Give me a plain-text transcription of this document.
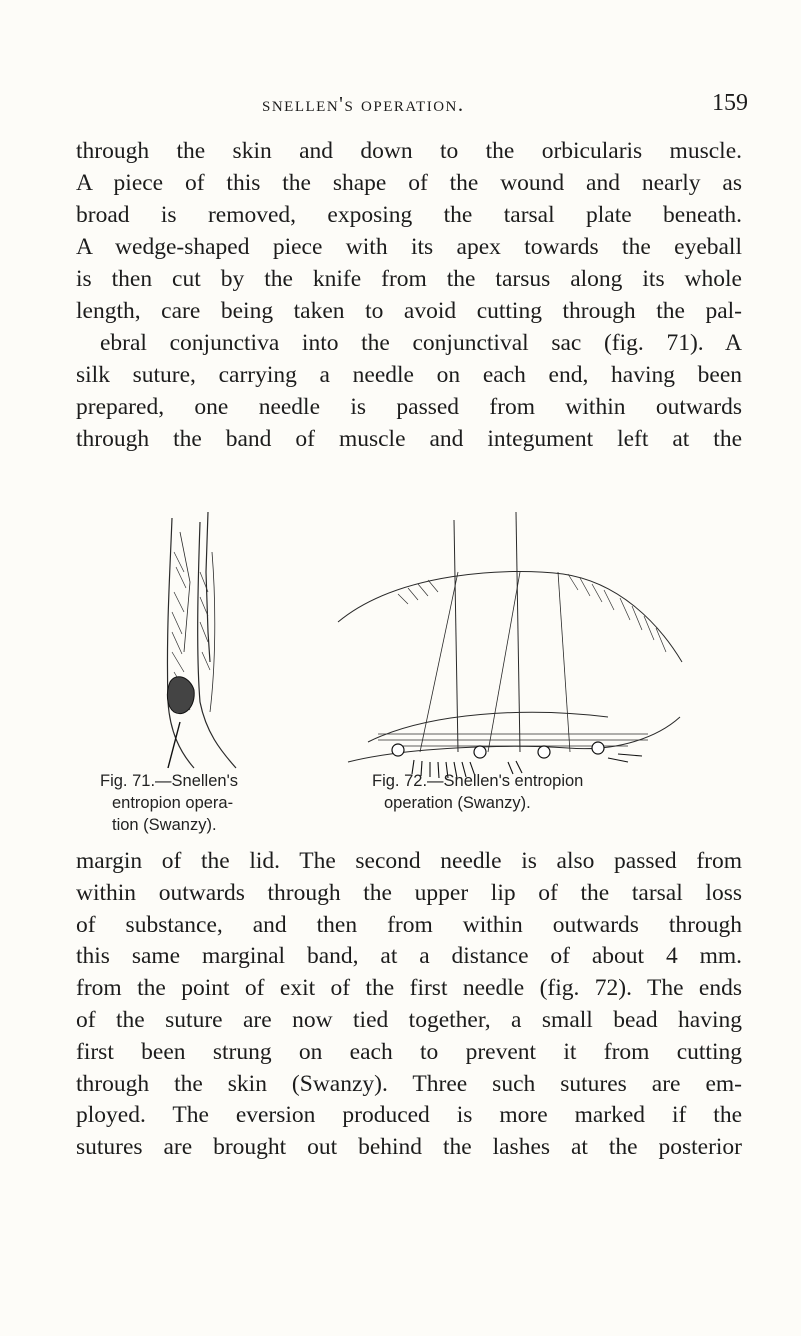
snellen's operation.	159
through the skin and down to the orbicularis muscle.
A piece of this the shape of the wound and nearly as
broad is removed, exposing the tarsal plate beneath.
A wedge-shaped piece with its apex towards the eyeball
is then cut by the knife from the tarsus along its whole
length, care being taken to avoid cutting through the pal-
ebral conjunctiva into the conjunctival sac (fig. 71). A
silk suture, carrying a needle on each end, having been
prepared, one needle is passed from within outwards
through the band of muscle and integument left at the
Fig. 71.—Snellen's
entropion opera-
tion (Swanzy).
Fig. 72.—Snellen's entropion
operation (Swanzy).
margin of the lid. The second needle is also passed from
within outwards through the upper lip of the tarsal loss
of substance, and then from within outwards through
this same marginal band, at a distance of about 4 mm.
from the point of exit of the first needle (fig. 72). The ends
of the suture are now tied together, a small bead having
first been strung on each to prevent it from cutting
through the skin (Swanzy). Three such sutures are em-
ployed. The eversion produced is more marked if the
sutures are brought out behind the lashes at the posterior
